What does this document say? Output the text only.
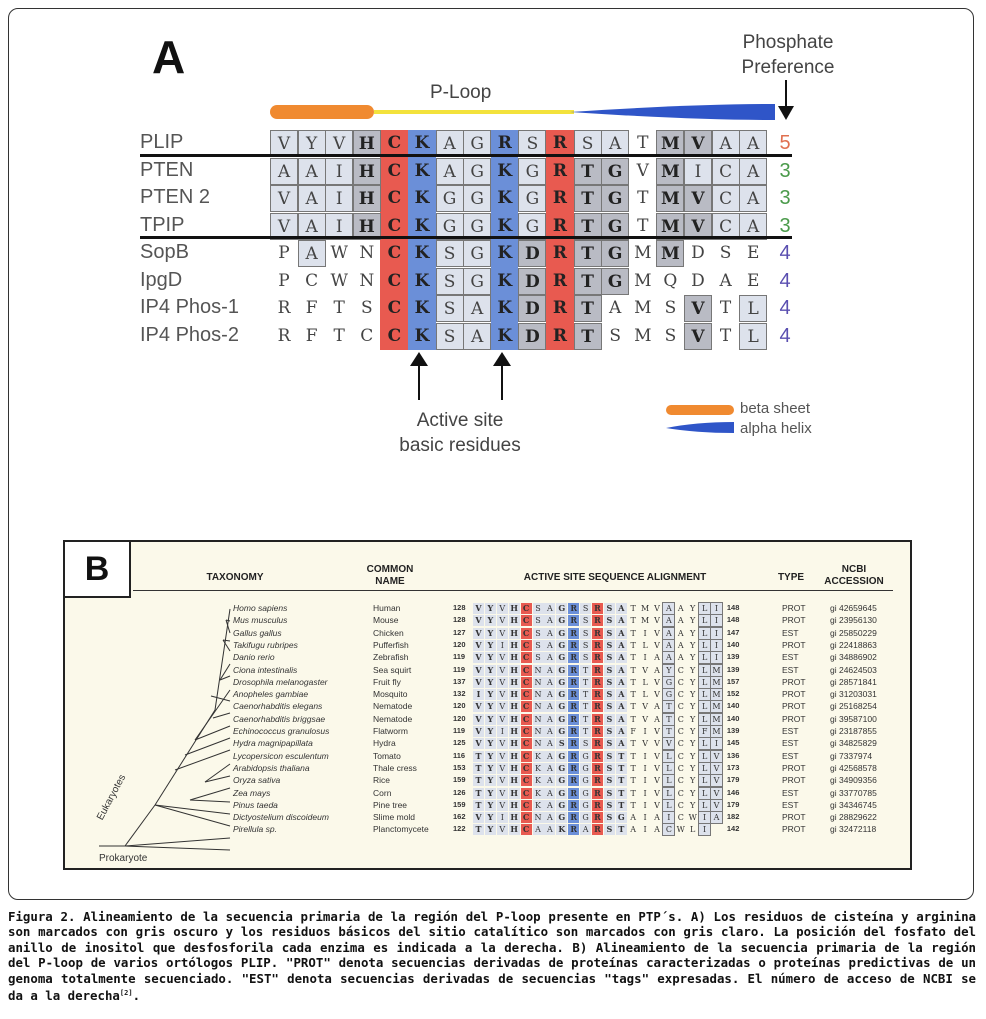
A	Phosphate
Preference
P-Loop
PLIP	V Y V H C K A G R S R S A T M V A A	5
PTEN	A A	I H C K A G K G R T G V M I	C A	3
PTEN 2	V A	I H C K G G K G R T G T M V C A	3
TPIP	V A	I H C K G G K G R T G T M V C A	3
SopB	P A W N C K S G K D R T G M M D S E	4
IpgD	P C W N C K S G K D R T G M Q D A E	4
IP4 Phos-1	R F T S C K S A K D R T A M S V T L	4
IP4 Phos-2	R F T C C K S A K D R T S M S V T L	4
Active site
basic residues
beta sheet
alpha helix
B	TAXONOMY
COMMON
NAME	ACTIVE SITE SEQUENCE ALIGNMENT	TYPE
NCBI
ACCESSION
Eukaryotes
Prokaryote
Homo sapiens	Human	128 V Y V H C S A G R S R S A T M V A A Y L I	148	PROT	gi 42659645
Mus musculus	Mouse	128 V Y V H C S A G R S R S A T M V A A Y L I	148	PROT	gi 23956130
Gallus gallus	Chicken	127 V Y V H C S A G R S R S A T I V A A Y L I	147	EST	gi 25850229
Takifugu rubripes	Pufferfish	120 V Y I H C S A G R S R S A T L V A A Y L I	140	PROT	gi 22418863
Danio rerio	Zebrafish	119 V Y V H C S A G R S R S A T I A A A Y L I	139	EST	gi 34886902
Ciona intestinalis	Sea squirt	119 V Y V H C N A G R T R S A T V A Y C Y L M 139	EST	gi 24624503
Drosophila melanogaster	Fruit fly	137 V Y V H C N A G R T R S A T L V G C Y L M 157	PROT	gi 28571841
Anopheles gambiae	Mosquito	132	I Y V H C N A G R T R S A T L V G C Y L M 152	PROT	gi 31203031
Caenorhabditis elegans	Nematode	120 V Y V H C N A G R T R S A T V A T C Y L M 140	PROT	gi 25168254
Caenorhabditis briggsae	Nematode	120 V Y V H C N A G R T R S A T V A T C Y L M 140	PROT	gi 39587100
Echinococcus granulosus	Flatworm	119 V Y I H C N A G R T R S A F I V T C Y F M 139	EST	gi 23187855
Hydra magnipapillata	Hydra	125 V Y V H C N A S R S R S A T V V V C Y L I	145	EST	gi 34825829
Lycopersicon esculentum	Tomato	116	T Y V H C K A G R G R S T T I V L C Y L V	136	EST	gi 7337974
Arabidopsis thaliana	Thale cress	153	T Y V H C K A G R G R S T T I V L C Y L V	173	PROT	gi 42568578
Oryza sativa	Rice	159	T Y V H C K A G R G R S T T I V L C Y L V	179	PROT	gi 34909356
Zea mays	Corn	126	T Y V H C K A G R G R S T T I V L C Y L V	146	EST	gi 33770785
Pinus taeda	Pine tree	159	T Y V H C K A G R G R S T T I V L C Y L V	179	EST	gi 34346745
Dictyostelium discoideum	Slime mold	162 V Y I H C N A G R G R S G A I A I C W I A	182	PROT	gi 28829622
Pirellula sp.	Planctomycete	122	T Y V H C A A K R A R S T A I A C W L I	142	PROT	gi 32472118
Figura 2. Alineamiento de la secuencia primaria de la región del P-loop presente en PTP´s. A) Los residuos de cisteína y arginina son marcados con gris oscuro y los residuos básicos del sitio catalítico son marcados con gris claro. La posición del fosfato del anillo de inositol que desfosforila cada enzima es indicada a la derecha. B) Alineamiento de la secuencia primaria de la región del P-loop de varios ortólogos PLIP. "PROT" denota secuencias derivadas de proteínas caracterizadas o proteínas predictivas de un genoma totalmente secuenciado. "EST" denota secuencias derivadas de secuencias "tags" expresadas. El número de acceso de NCBI se da a la derecha[2].
